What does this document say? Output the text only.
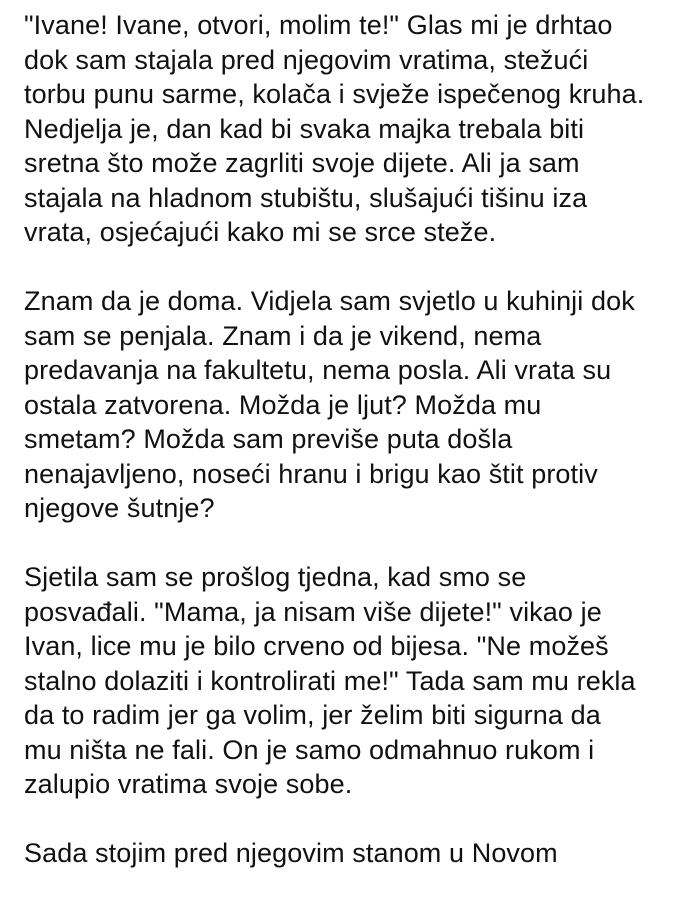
"Ivane! Ivane, otvori, molim te!" Glas mi je drhtao
dok sam stajala pred njegovim vratima, stežući
torbu punu sarme, kolača i svježe ispečenog kruha.
Nedjelja je, dan kad bi svaka majka trebala biti
sretna što može zagrliti svoje dijete. Ali ja sam
stajala na hladnom stubištu, slušajući tišinu iza
vrata, osjećajući kako mi se srce steže.
Znam da je doma. Vidjela sam svjetlo u kuhinji dok
sam se penjala. Znam i da je vikend, nema
predavanja na fakultetu, nema posla. Ali vrata su
ostala zatvorena. Možda je ljut? Možda mu
smetam? Možda sam previše puta došla
nenajavljeno, noseći hranu i brigu kao štit protiv
njegove šutnje?
Sjetila sam se prošlog tjedna, kad smo se
posvađali. "Mama, ja nisam više dijete!" vikao je
Ivan, lice mu je bilo crveno od bijesa. "Ne možeš
stalno dolaziti i kontrolirati me!" Tada sam mu rekla
da to radim jer ga volim, jer želim biti sigurna da
mu ništa ne fali. On je samo odmahnuo rukom i
zalupio vratima svoje sobe.
Sada stojim pred njegovim stanom u Novom
